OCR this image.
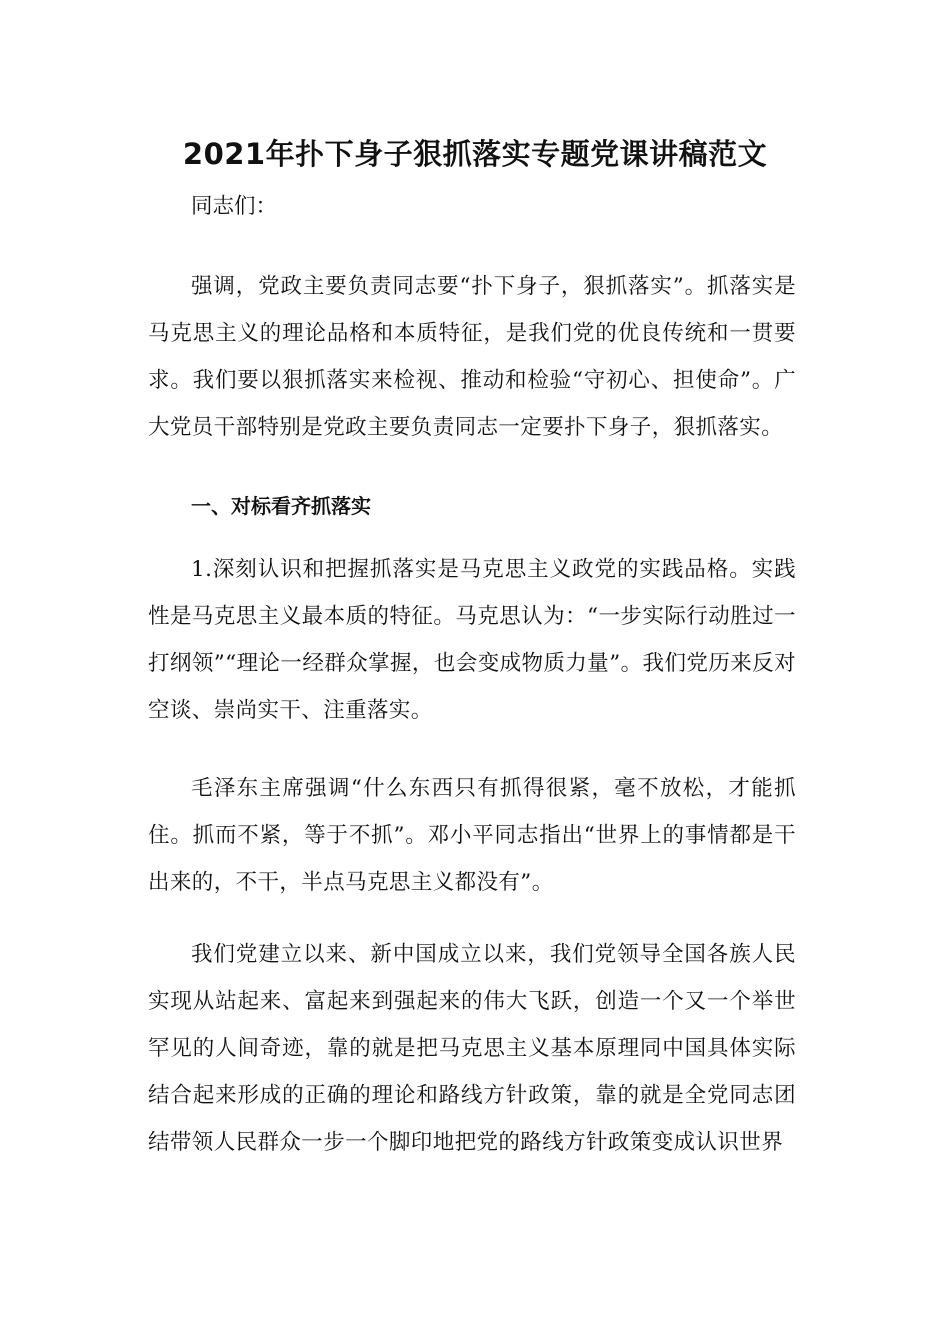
2021年扑下身子狠抓落实专题党课讲稿范文
同志们：
强调，党政主要负责同志要“扑下身子，狠抓落实”。抓落实是马克思主义的理论品格和本质特征，是我们党的优良传统和一贯要求。我们要以狠抓落实来检视、推动和检验“守初心、担使命”。广大党员干部特别是党政主要负责同志一定要扑下身子，狠抓落实。
一、对标看齐抓落实
1.深刻认识和把握抓落实是马克思主义政党的实践品格。实践性是马克思主义最本质的特征。马克思认为：“一步实际行动胜过一打纲领”“理论一经群众掌握，也会变成物质力量”。我们党历来反对空谈、崇尚实干、注重落实。
毛泽东主席强调“什么东西只有抓得很紧，毫不放松，才能抓住。抓而不紧，等于不抓”。邓小平同志指出“世界上的事情都是干出来的，不干，半点马克思主义都没有”。
我们党建立以来、新中国成立以来，我们党领导全国各族人民实现从站起来、富起来到强起来的伟大飞跃，创造一个又一个举世罕见的人间奇迹，靠的就是把马克思主义基本原理同中国具体实际结合起来形成的正确的理论和路线方针政策，靠的就是全党同志团结带领人民群众一步一个脚印地把党的路线方针政策变成认识世界
